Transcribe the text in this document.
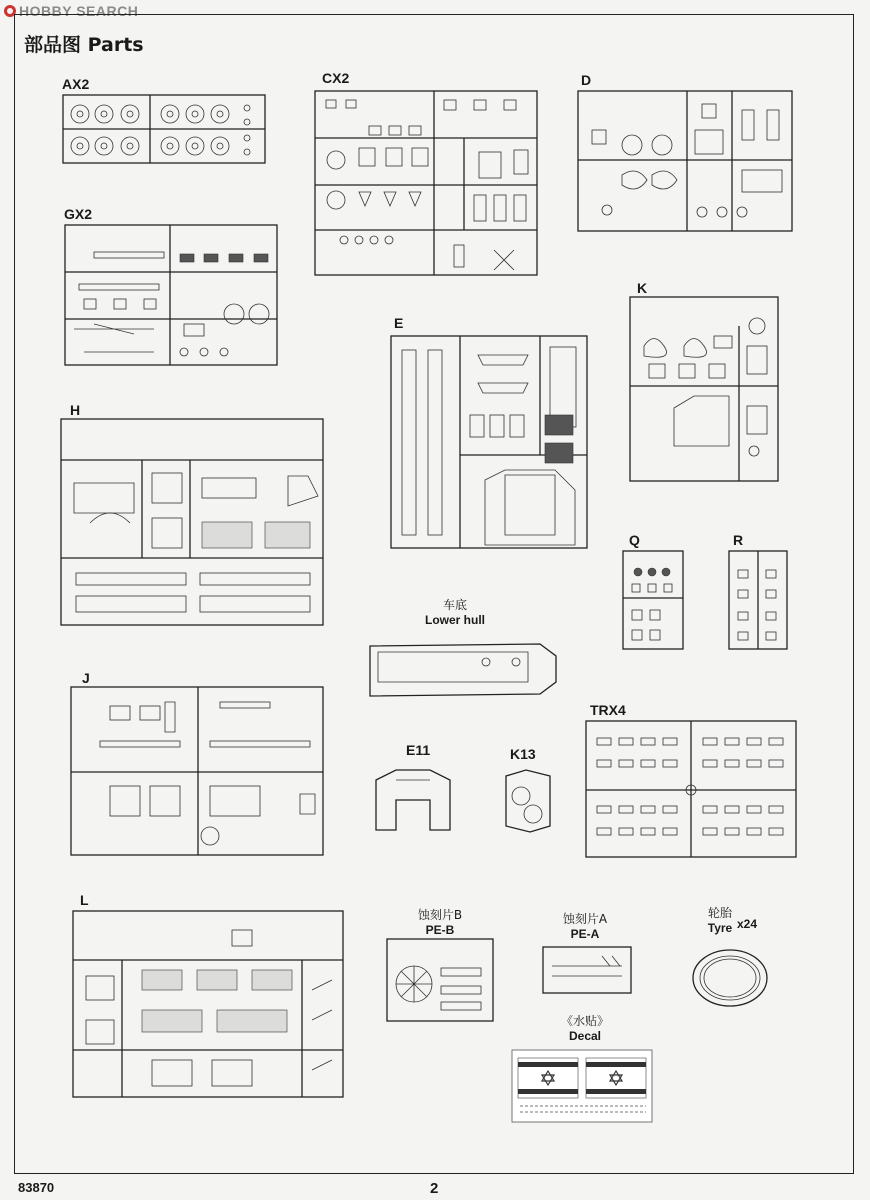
HOBBY SEARCH
部品图 Parts
AX2	CX2	D
GX2
K
E
H
Q	R
J
TRX4
L
E11	K13
车底
Lower hull
蚀刻片B
PE-B
蚀刻片A
PE-A
轮胎
Tyre x24
《水贴》
Decal
83870	2
